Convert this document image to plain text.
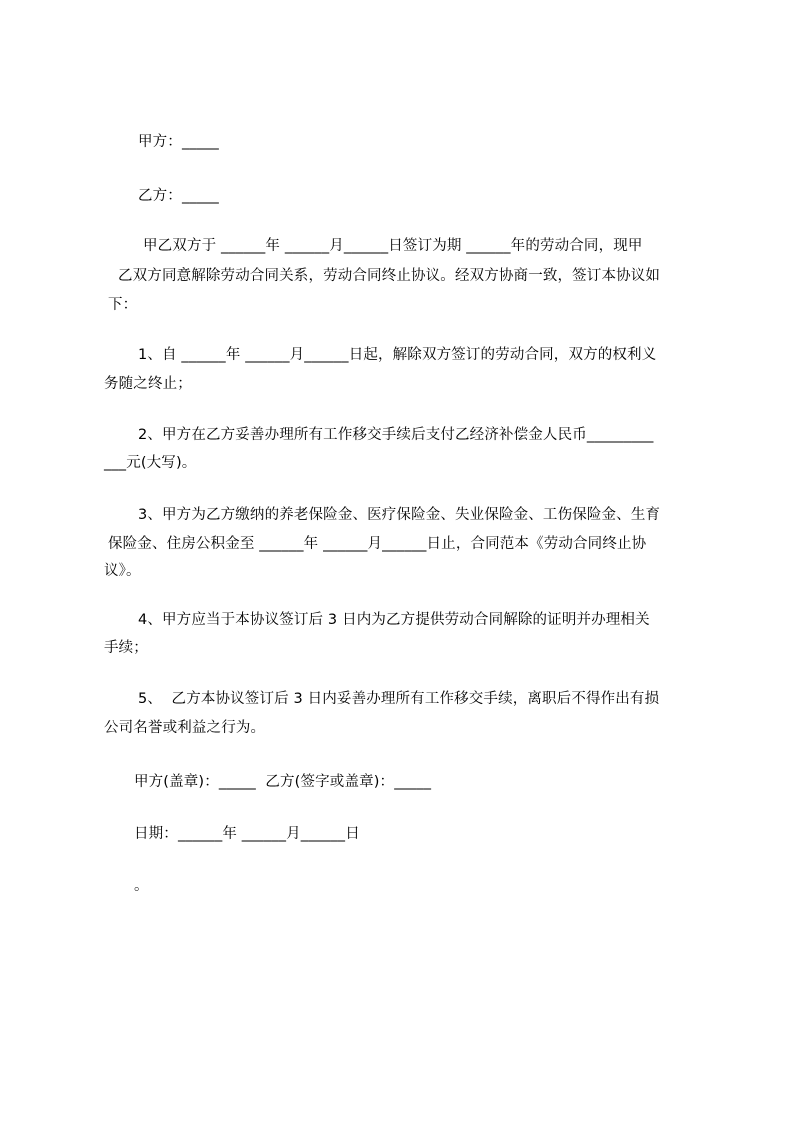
甲方：_____
乙方：_____
甲乙双方于 ______年 ______月______日签订为期 ______年的劳动合同，现甲
乙双方同意解除劳动合同关系，劳动合同终止协议。经双方协商一致，签订本协议如
下：
1、自 ______年 ______月______日起，解除双方签订的劳动合同，双方的权利义
务随之终止；
2、甲方在乙方妥善办理所有工作移交手续后支付乙经济补偿金人民币_________
___元(大写)。
3、甲方为乙方缴纳的养老保险金、医疗保险金、失业保险金、工伤保险金、生育
保险金、住房公积金至 ______年 ______月______日止，合同范本《劳动合同终止协
议》。
4、甲方应当于本协议签订后 3 日内为乙方提供劳动合同解除的证明并办理相关
手续；
5、  乙方本协议签订后 3 日内妥善办理所有工作移交手续，离职后不得作出有损
公司名誉或利益之行为。
甲方(盖章)：_____  乙方(签字或盖章)：_____
日期：______年 ______月______日
。
